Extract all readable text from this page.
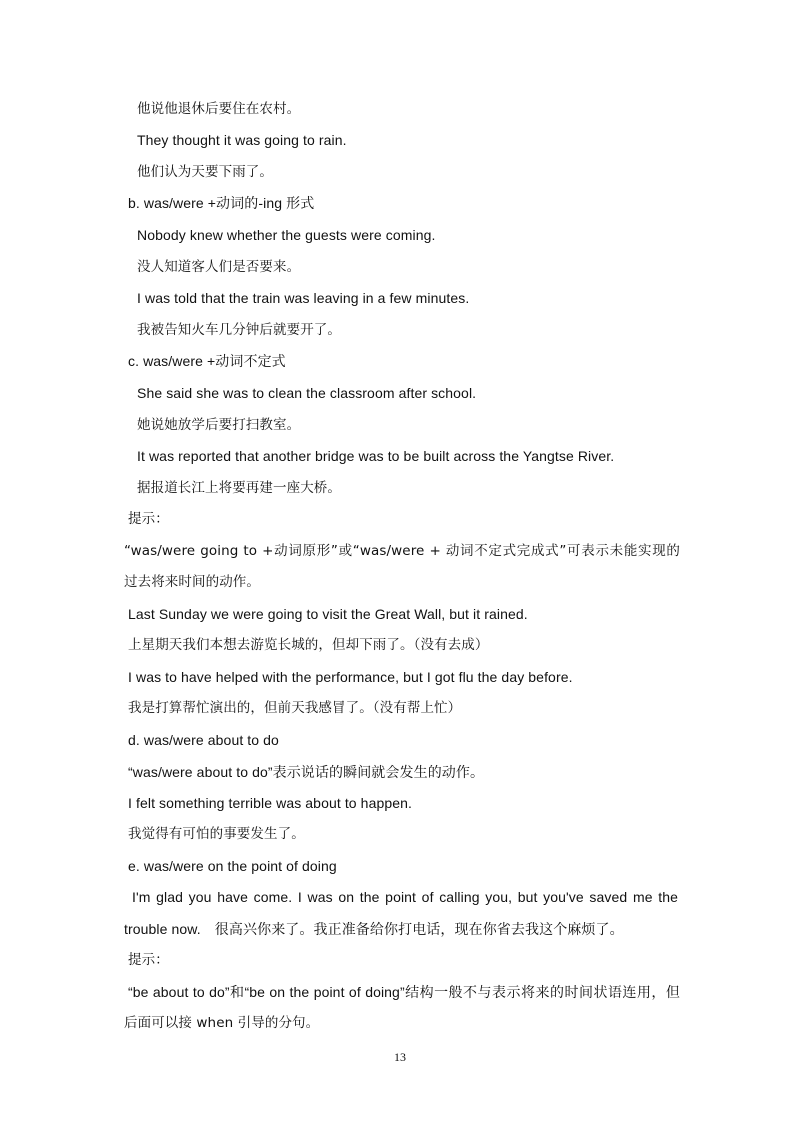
他说他退休后要住在农村。
They thought it was going to rain.
他们认为天要下雨了。
b. was/were +动词的-ing 形式
Nobody knew whether the guests were coming.
没人知道客人们是否要来。
I was told that the train was leaving in a few minutes.
我被告知火车几分钟后就要开了。
c. was/were +动词不定式
She said she was to clean the classroom after school.
她说她放学后要打扫教室。
It was reported that another bridge was to be built across the Yangtse River.
据报道长江上将要再建一座大桥。
提示：
“was/were going to +动词原形”或“was/were + 动词不定式完成式”可表示未能实现的
过去将来时间的动作。
Last Sunday we were going to visit the Great Wall, but it rained.
上星期天我们本想去游览长城的，但却下雨了。（没有去成）
I was to have helped with the performance, but I got flu the day before.
我是打算帮忙演出的，但前天我感冒了。（没有帮上忙）
d. was/were about to do
“was/were about to do”表示说话的瞬间就会发生的动作。
I felt something terrible was about to happen.
我觉得有可怕的事要发生了。
e. was/were on the point of doing
I'm glad you have come. I was on the point of calling you, but you've saved me the
trouble now.　很高兴你来了。我正准备给你打电话，现在你省去我这个麻烦了。
提示：
“be about to do”和“be on the point of doing”结构一般不与表示将来的时间状语连用，但
后面可以接 when 引导的分句。
13
